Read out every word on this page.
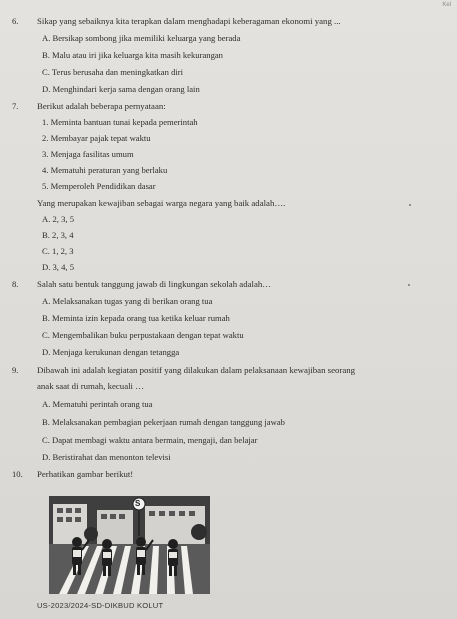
Kel
6. Sikap yang sebaiknya kita terapkan dalam menghadapi keberagaman ekonomi yang ...
A. Bersikap sombong jika memiliki keluarga yang berada
B. Malu atau iri jika keluarga kita masih kekurangan
C. Terus berusaha dan meningkatkan diri
D. Menghindari kerja sama dengan orang lain
7. Berikut adalah beberapa pernyataan:
1. Meminta bantuan tunai kepada pemerintah
2. Membayar pajak tepat waktu
3. Menjaga fasilitas umum
4. Mematuhi peraturan yang berlaku
5. Memperoleh Pendidikan dasar
Yang merupakan kewajiban sebagai warga negara yang baik adalah….
A. 2, 3, 5
B. 2, 3, 4
C. 1, 2, 3
D. 3, 4, 5
8. Salah satu bentuk tanggung jawab di lingkungan sekolah adalah…
A. Melaksanakan tugas yang di berikan orang tua
B. Meminta izin kepada orang tua ketika keluar rumah
C. Mengembalikan buku perpustakaan dengan tepat waktu
D. Menjaga kerukunan dengan tetangga
9. Dibawah ini adalah kegiatan positif yang dilakukan dalam pelaksanaan kewajiban seorang
anak saat di rumah, kecuali …
A. Mematuhi perintah orang tua
B. Melaksanakan pembagian pekerjaan rumah dengan tanggung jawab
C. Dapat membagi waktu antara bermain, mengaji, dan belajar
D. Beristirahat dan menonton televisi
10. Perhatikan gambar berikut!
S
US-2023/2024-SD-DIKBUD KOLUT
